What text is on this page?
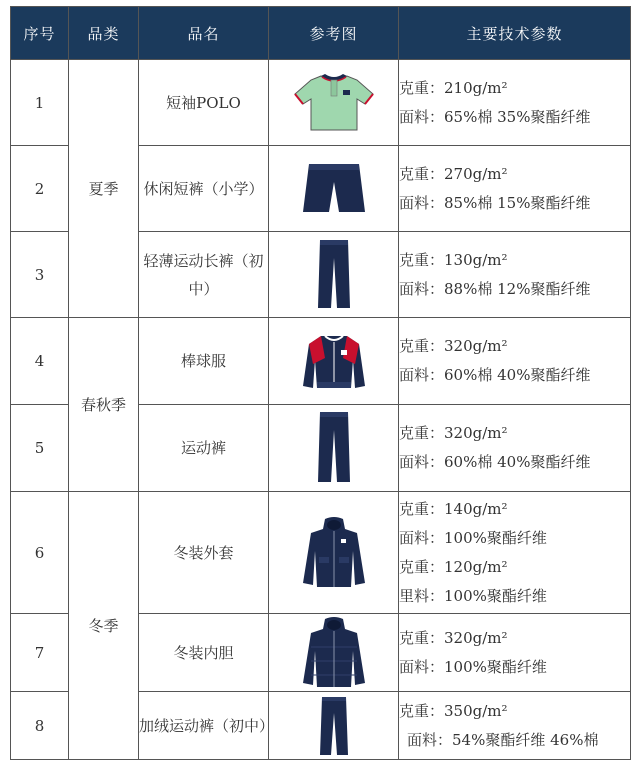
序号	品类	品名	参考图	主要技术参数
1	夏季	短袖POLO		克重：210g/m²
面料：65%棉 35%聚酯纤维

2		休闲短裤（小学）		克重：270g/m²
面料：85%棉 15%聚酯纤维

3		轻薄运动长裤（初中）		克重：130g/m²
面料：88%棉 12%聚酯纤维

4	春秋季	棒球服		克重：320g/m²
面料：60%棉 40%聚酯纤维

5		运动裤		克重：320g/m²
面料：60%棉 40%聚酯纤维

6	冬季	冬装外套		克重：140g/m²
面料：100%聚酯纤维
克重：120g/m²
里料：100%聚酯纤维

7		冬装内胆		克重：320g/m²
面料：100%聚酯纤维

8		加绒运动裤（初中）		克重：350g/m²
面料：54%聚酯纤维 46%棉
